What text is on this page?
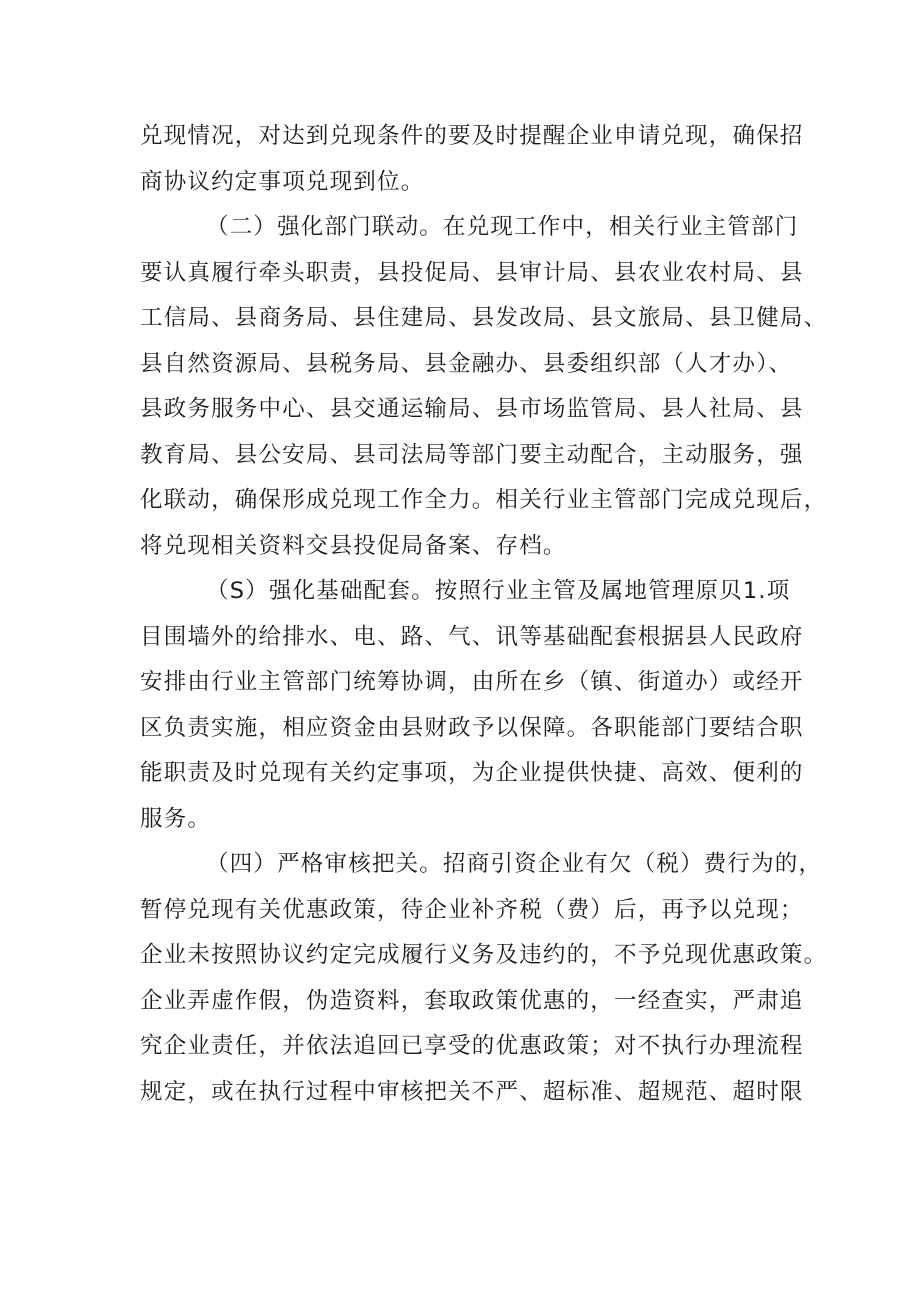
兑现情况，对达到兑现条件的要及时提醒企业申请兑现，确保招
商协议约定事项兑现到位。
（二）强化部门联动。在兑现工作中，相关行业主管部门
要认真履行牵头职责，县投促局、县审计局、县农业农村局、县
工信局、县商务局、县住建局、县发改局、县文旅局、县卫健局、
县自然资源局、县税务局、县金融办、县委组织部（人才办）、
县政务服务中心、县交通运输局、县市场监管局、县人社局、县
教育局、县公安局、县司法局等部门要主动配合，主动服务，强
化联动，确保形成兑现工作全力。相关行业主管部门完成兑现后，
将兑现相关资料交县投促局备案、存档。
（S）强化基础配套。按照行业主管及属地管理原贝1.项
目围墙外的给排水、电、路、气、讯等基础配套根据县人民政府
安排由行业主管部门统筹协调，由所在乡（镇、街道办）或经开
区负责实施，相应资金由县财政予以保障。各职能部门要结合职
能职责及时兑现有关约定事项，为企业提供快捷、高效、便利的
服务。
（四）严格审核把关。招商引资企业有欠（税）费行为的，
暂停兑现有关优惠政策，待企业补齐税（费）后，再予以兑现；
企业未按照协议约定完成履行义务及违约的，不予兑现优惠政策。
企业弄虚作假，伪造资料，套取政策优惠的，一经查实，严肃追
究企业责任，并依法追回已享受的优惠政策；对不执行办理流程
规定，或在执行过程中审核把关不严、超标准、超规范、超时限
